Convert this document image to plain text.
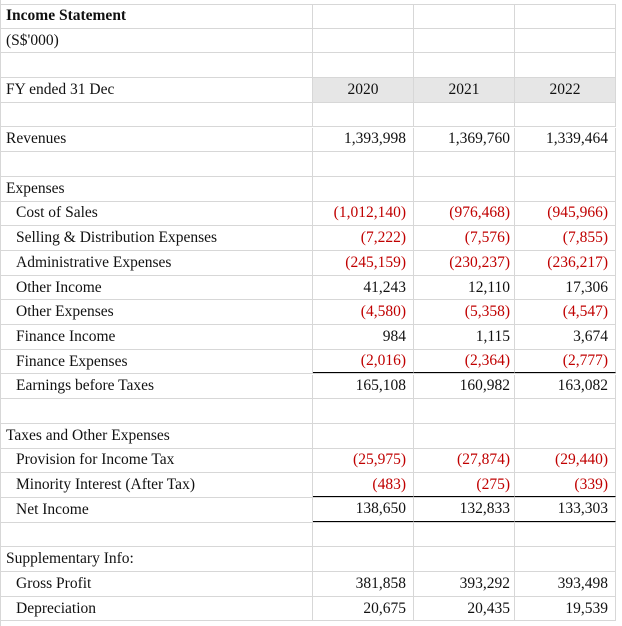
Income Statement
(S$'000)
FY ended 31 Dec	2020	2021	2022
Revenues	1,393,998	1,369,760	1,339,464
Expenses
Cost of Sales	(1,012,140)	(976,468)	(945,966)
Selling & Distribution Expenses	(7,222)	(7,576)	(7,855)
Administrative Expenses	(245,159)	(230,237)	(236,217)
Other Income	41,243	12,110	17,306
Other Expenses	(4,580)	(5,358)	(4,547)
Finance Income	984	1,115	3,674
Finance Expenses	(2,016)	(2,364)	(2,777)
Earnings before Taxes	165,108	160,982	163,082
Taxes and Other Expenses
Provision for Income Tax	(25,975)	(27,874)	(29,440)
Minority Interest (After Tax)	(483)	(275)	(339)
Net Income	138,650	132,833	133,303
Supplementary Info:
Gross Profit	381,858	393,292	393,498
Depreciation	20,675	20,435	19,539
